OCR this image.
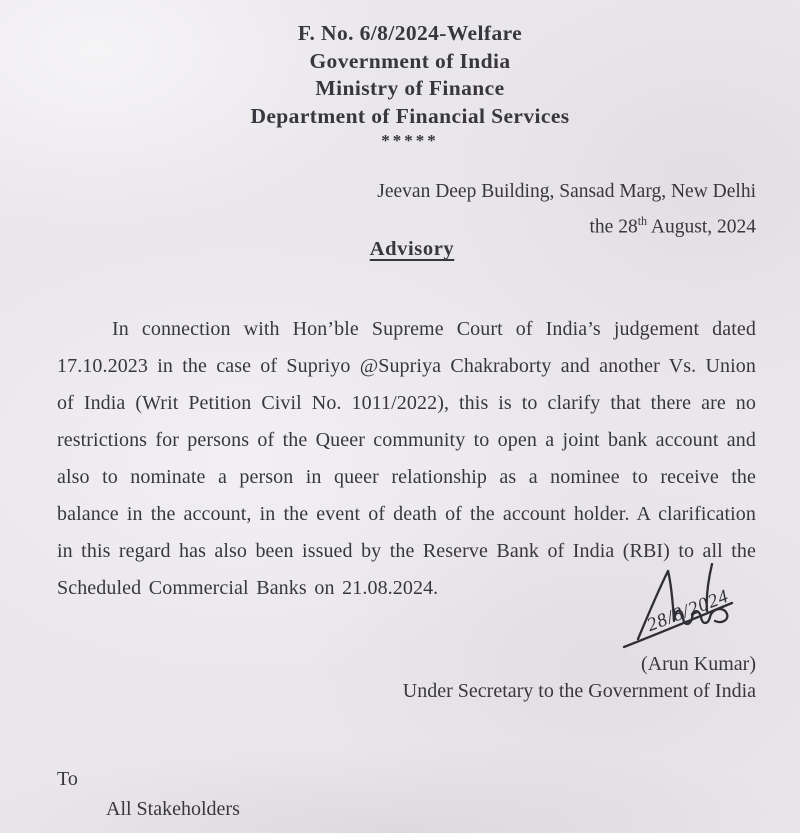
F. No. 6/8/2024-Welfare
Government of India
Ministry of Finance
Department of Financial Services
*****
Jeevan Deep Building, Sansad Marg, New Delhi
the 28th August, 2024
Advisory

In connection with Hon’ble Supreme Court of India’s judgement dated 17.10.2023 in the case of Supriyo @Supriya Chakraborty and another Vs. Union of India (Writ Petition Civil No. 1011/2022), this is to clarify that there are no restrictions for persons of the Queer community to open a joint bank account and also to nominate a person in queer relationship as a nominee to receive the balance in the account, in the event of death of the account holder. A clarification in this regard has also been issued by the Reserve Bank of India (RBI) to all the Scheduled Commercial Banks on 21.08.2024.	28/8/2024
(Arun Kumar)
Under Secretary to the Government of India
To
All Stakeholders
